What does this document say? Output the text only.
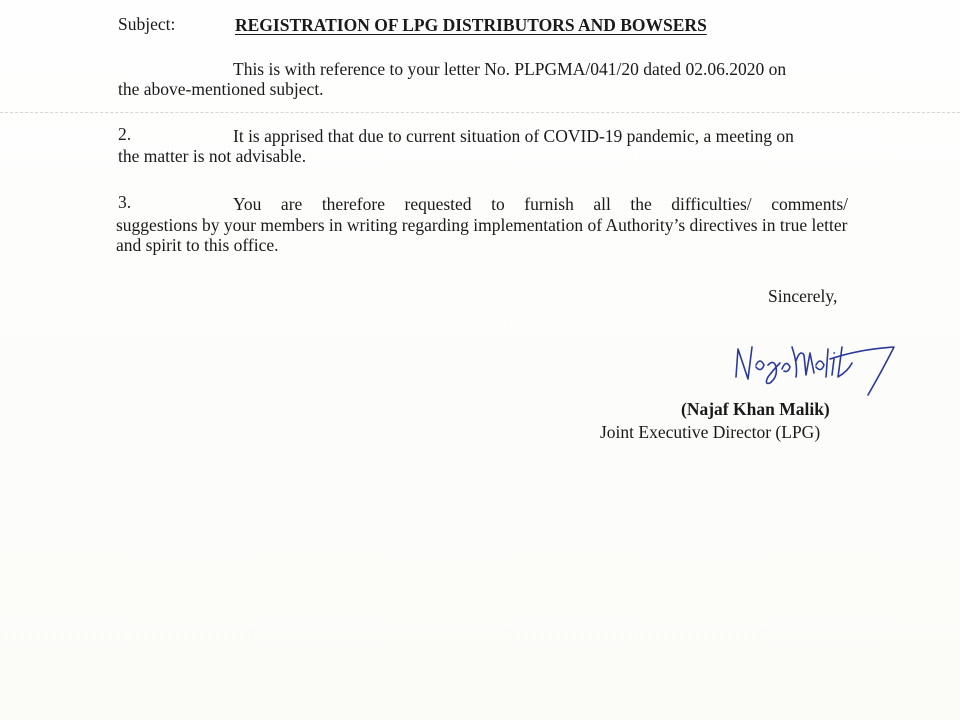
Subject:	REGISTRATION OF LPG DISTRIBUTORS AND BOWSERS
This is with reference to your letter No. PLPGMA/041/20 dated 02.06.2020 on
the above-mentioned subject.
2.	It is apprised that due to current situation of COVID-19 pandemic, a meeting on
the matter is not advisable.
3.	You are therefore requested to furnish all the difficulties/ comments/
suggestions by your members in writing regarding implementation of Authority’s directives in true letter and spirit to this office.
Sincerely,
(Najaf Khan Malik)
Joint Executive Director (LPG)
